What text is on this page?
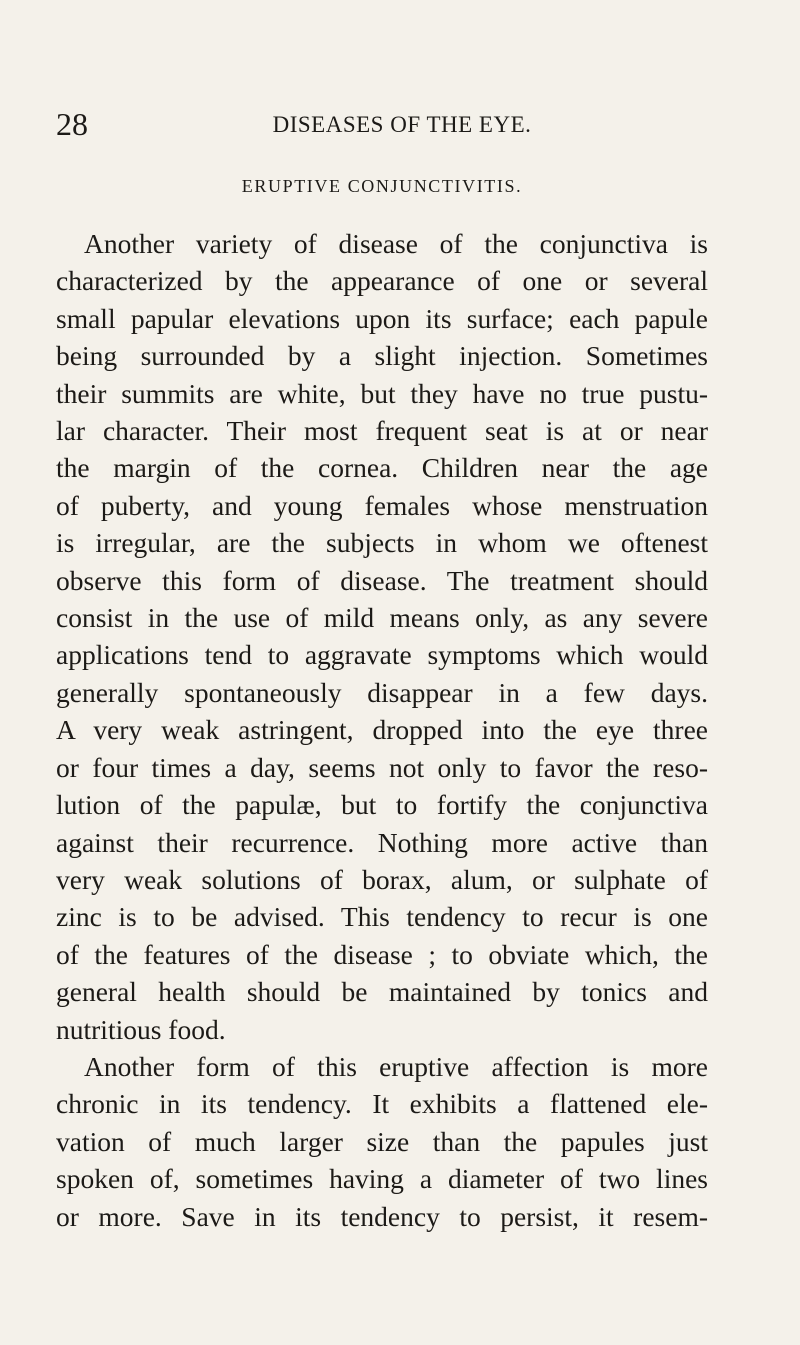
28	DISEASES OF THE EYE.
ERUPTIVE CONJUNCTIVITIS.
Another variety of disease of the conjunctiva is
characterized by the appearance of one or several
small papular elevations upon its surface; each papule
being surrounded by a slight injection. Sometimes
their summits are white, but they have no true pustu-
lar character. Their most frequent seat is at or near
the margin of the cornea. Children near the age
of puberty, and young females whose menstruation
is irregular, are the subjects in whom we oftenest
observe this form of disease. The treatment should
consist in the use of mild means only, as any severe
applications tend to aggravate symptoms which would
generally spontaneously disappear in a few days.
A very weak astringent, dropped into the eye three
or four times a day, seems not only to favor the reso-
lution of the papulæ, but to fortify the conjunctiva
against their recurrence. Nothing more active than
very weak solutions of borax, alum, or sulphate of
zinc is to be advised. This tendency to recur is one
of the features of the disease ; to obviate which, the
general health should be maintained by tonics and
nutritious food.
Another form of this eruptive affection is more
chronic in its tendency. It exhibits a flattened ele-
vation of much larger size than the papules just
spoken of, sometimes having a diameter of two lines
or more. Save in its tendency to persist, it resem-
